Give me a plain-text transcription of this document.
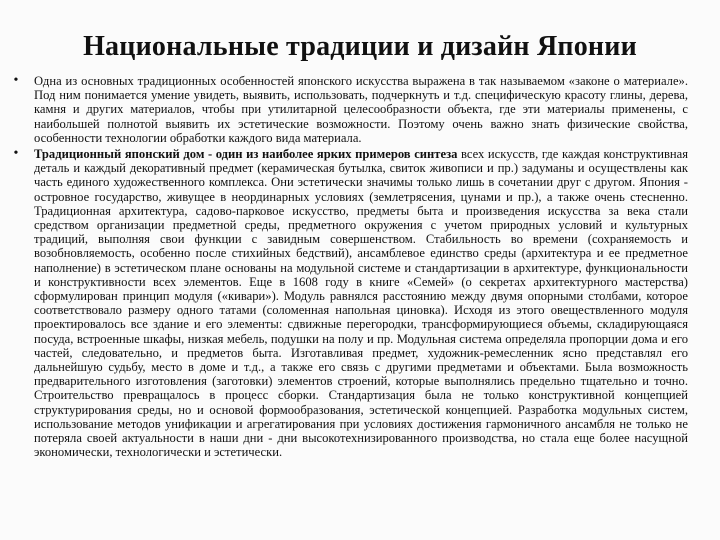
Национальные традиции и дизайн Японии
• Одна из основных традиционных особенностей японского искусства выражена в так называемом «законе о материале». Под ним понимается умение увидеть, выявить, использовать, подчеркнуть и т.д. специфическую красоту глины, дерева, камня и других материалов, чтобы при утилитарной целесообразности объекта, где эти материалы применены, с наибольшей полнотой выявить их эстетические возможности. Поэтому очень важно знать физические свойства, особенности технологии обработки каждого вида материала.
• Традиционный японский дом - один из наиболее ярких примеров синтеза всех искусств, где каждая конструктивная деталь и каждый декоративный предмет (керамическая бутылка, свиток живописи и пр.) задуманы и осуществлены как часть единого художественного комплекса. Они эстетически значимы только лишь в сочетании друг с другом. Япония - островное государство, живущее в неординарных условиях (землетрясения, цунами и пр.), а также очень стесненно. Традиционная архитектура, садово-парковое искусство, предметы быта и произведения искусства за века стали средством организации предметной среды, предметного окружения с учетом природных условий и культурных традиций, выполняя свои функции с завидным совершенством. Стабильность во времени (сохраняемость и возобновляемость, особенно после стихийных бедствий), ансамблевое единство среды (архитектура и ее предметное наполнение) в эстетическом плане основаны на модульной системе и стандартизации в архитектуре, функциональности и конструктивности всех элементов. Еще в 1608 году в книге «Семей» (о секретах архитектурного мастерства) сформулирован принцип модуля («кивари»). Модуль равнялся расстоянию между двумя опорными столбами, которое соответствовало размеру одного татами (соломенная напольная циновка). Исходя из этого овеществленного модуля проектировалось все здание и его элементы: сдвижные перегородки, трансформирующиеся объемы, складирующаяся посуда, встроенные шкафы, низкая мебель, подушки на полу и пр. Модульная система определяла пропорции дома и его частей, следовательно, и предметов быта. Изготавливая предмет, художник-ремесленник ясно представлял его дальнейшую судьбу, место в доме и т.д., а также его связь с другими предметами и объектами. Была возможность предварительного изготовления (заготовки) элементов строений, которые выполнялись предельно тщательно и точно. Строительство превращалось в процесс сборки. Стандартизация была не только конструктивной концепцией структурирования среды, но и основой формообразования, эстетической концепцией. Разработка модульных систем, использование методов унификации и агрегатирования при условиях достижения гармоничного ансамбля не только не потеряла своей актуальности в наши дни - дни высокотехнизированного производства, но стала еще более насущной экономически, технологически и эстетически.
